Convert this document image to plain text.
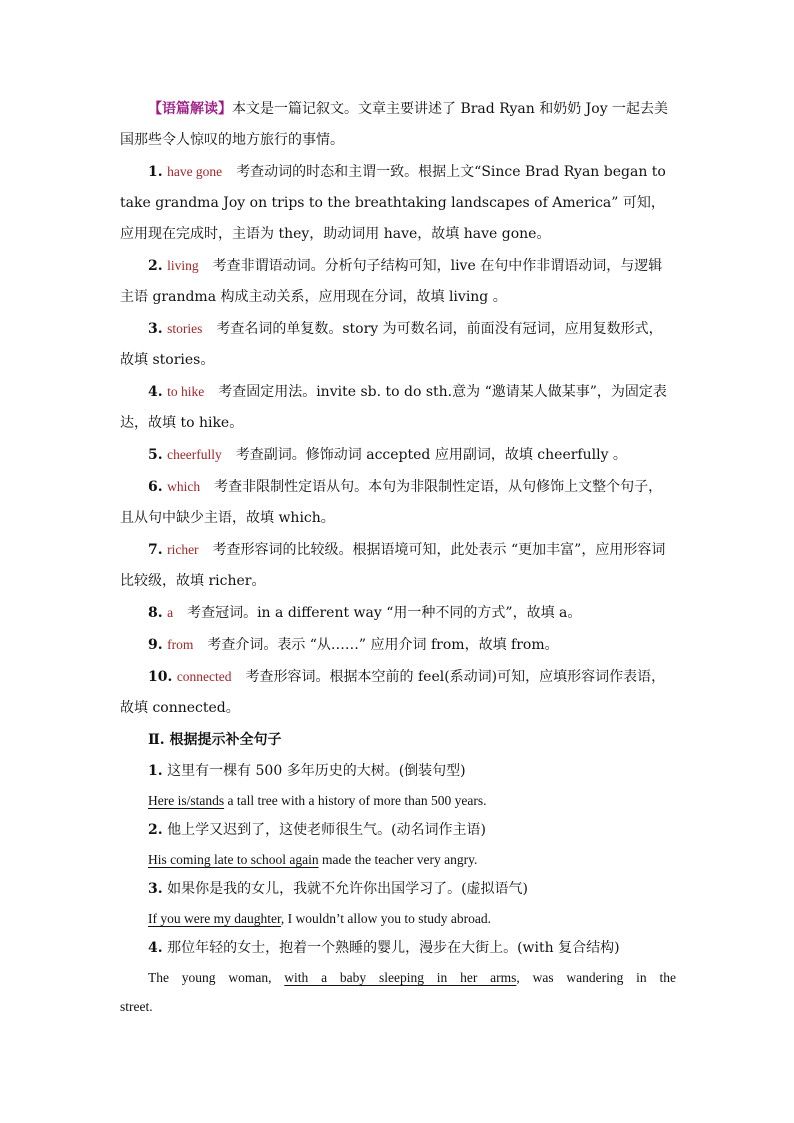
【语篇解读】本文是一篇记叙文。文章主要讲述了 Brad Ryan 和奶奶 Joy 一起去美国那些令人惊叹的地方旅行的事情。

1. have gone 考查动词的时态和主谓一致。根据上文“Since Brad Ryan began to take grandma Joy on trips to the breathtaking landscapes of America” 可知，应用现在完成时，主语为 they，助动词用 have，故填 have gone。

2. living 考查非谓语动词。分析句子结构可知，live 在句中作非谓语动词，与逻辑主语 grandma 构成主动关系，应用现在分词，故填 living 。

3. stories 考查名词的单复数。story 为可数名词，前面没有冠词，应用复数形式，故填 stories。

4. to hike 考查固定用法。invite sb. to do sth.意为 “邀请某人做某事”，为固定表达，故填 to hike。

5. cheerfully 考查副词。修饰动词 accepted 应用副词，故填 cheerfully 。

6. which 考查非限制性定语从句。本句为非限制性定语，从句修饰上文整个句子，且从句中缺少主语，故填 which。

7. richer 考查形容词的比较级。根据语境可知，此处表示 “更加丰富”，应用形容词比较级，故填 richer。

8. a 考查冠词。in a different way “用一种不同的方式”，故填 a。

9. from 考查介词。表示 “从……” 应用介词 from，故填 from。

10. connected 考查形容词。根据本空前的 feel(系动词)可知，应填形容词作表语，故填 connected。

Ⅱ. 根据提示补全句子

1. 这里有一棵有 500 多年历史的大树。(倒装句型)

Here is/stands a tall tree with a history of more than 500 years.

2. 他上学又迟到了，这使老师很生气。(动名词作主语)

His coming late to school again made the teacher very angry.

3. 如果你是我的女儿，我就不允许你出国学习了。(虚拟语气)

If you were my daughter, I wouldn’t allow you to study abroad.

4. 那位年轻的女士，抱着一个熟睡的婴儿，漫步在大街上。(with 复合结构)

The young woman, with a baby sleeping in her arms, was wandering in the

street.
